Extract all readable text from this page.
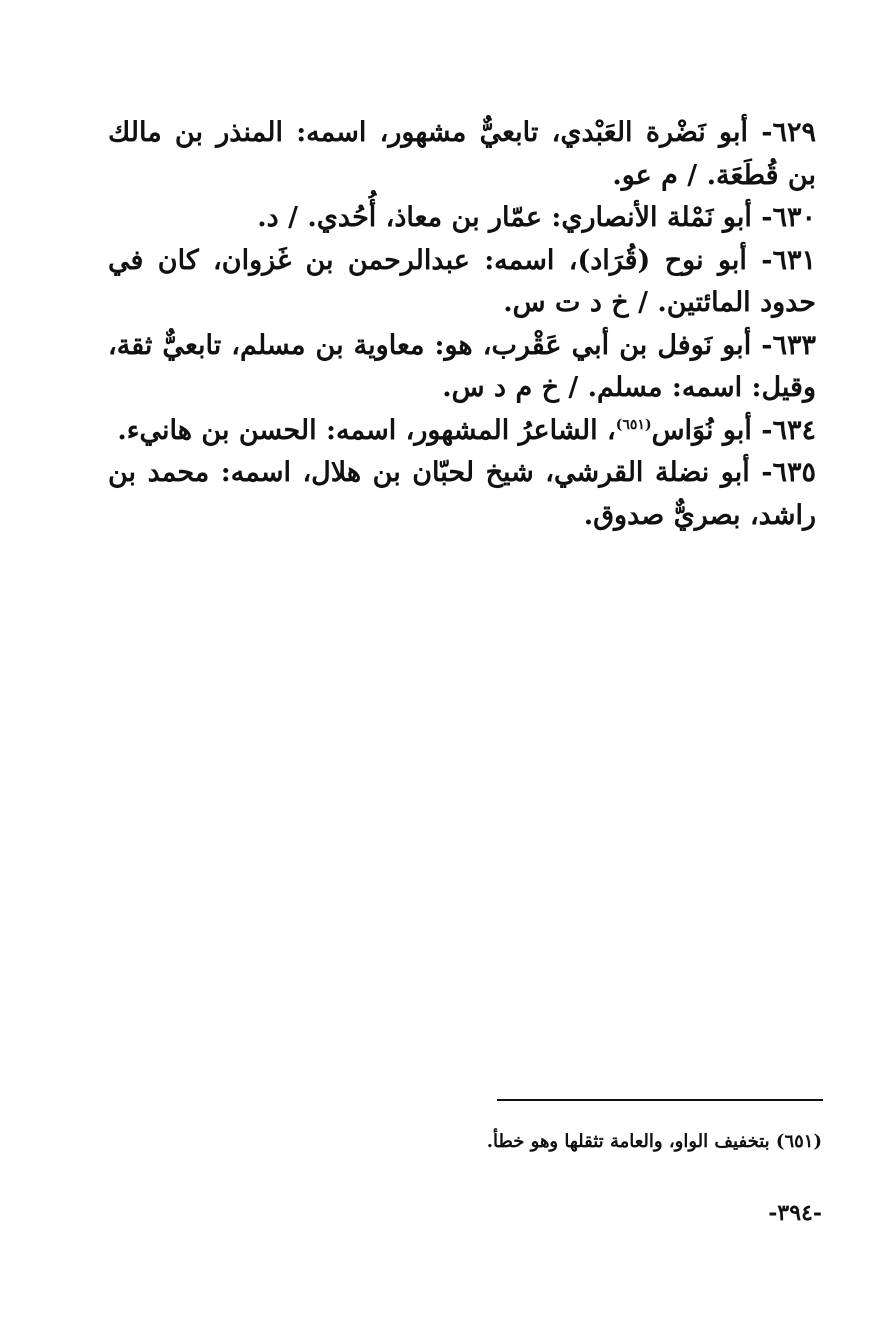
٦٢٩- أبو نَضْرة العَبْدي، تابعيٌّ مشهور، اسمه: المنذر بن مالك بن قُطَعَة. / م عو.

٦٣٠- أبو نَمْلة الأنصاري: عمّار بن معاذ، أُحُدي. / د.

٦٣١- أبو نوح (قُرَاد)، اسمه: عبدالرحمن بن غَزوان، كان في حدود المائتين. / خ د ت س.

٦٣٣- أبو نَوفل بن أبي عَقْرب، هو: معاوية بن مسلم، تابعيٌّ ثقة، وقيل: اسمه: مسلم. / خ م د س.

٦٣٤- أبو نُوَاس$^{(٦٥١)}$، الشاعرُ المشهور، اسمه: الحسن بن هانيء.

٦٣٥- أبو نضلة القرشي، شيخ لحبّان بن هلال، اسمه: محمد بن راشد، بصريٌّ صدوق.

(٦٥١) بتخفيف الواو، والعامة تثقلها وهو خطأ.
-٣٩٤-
